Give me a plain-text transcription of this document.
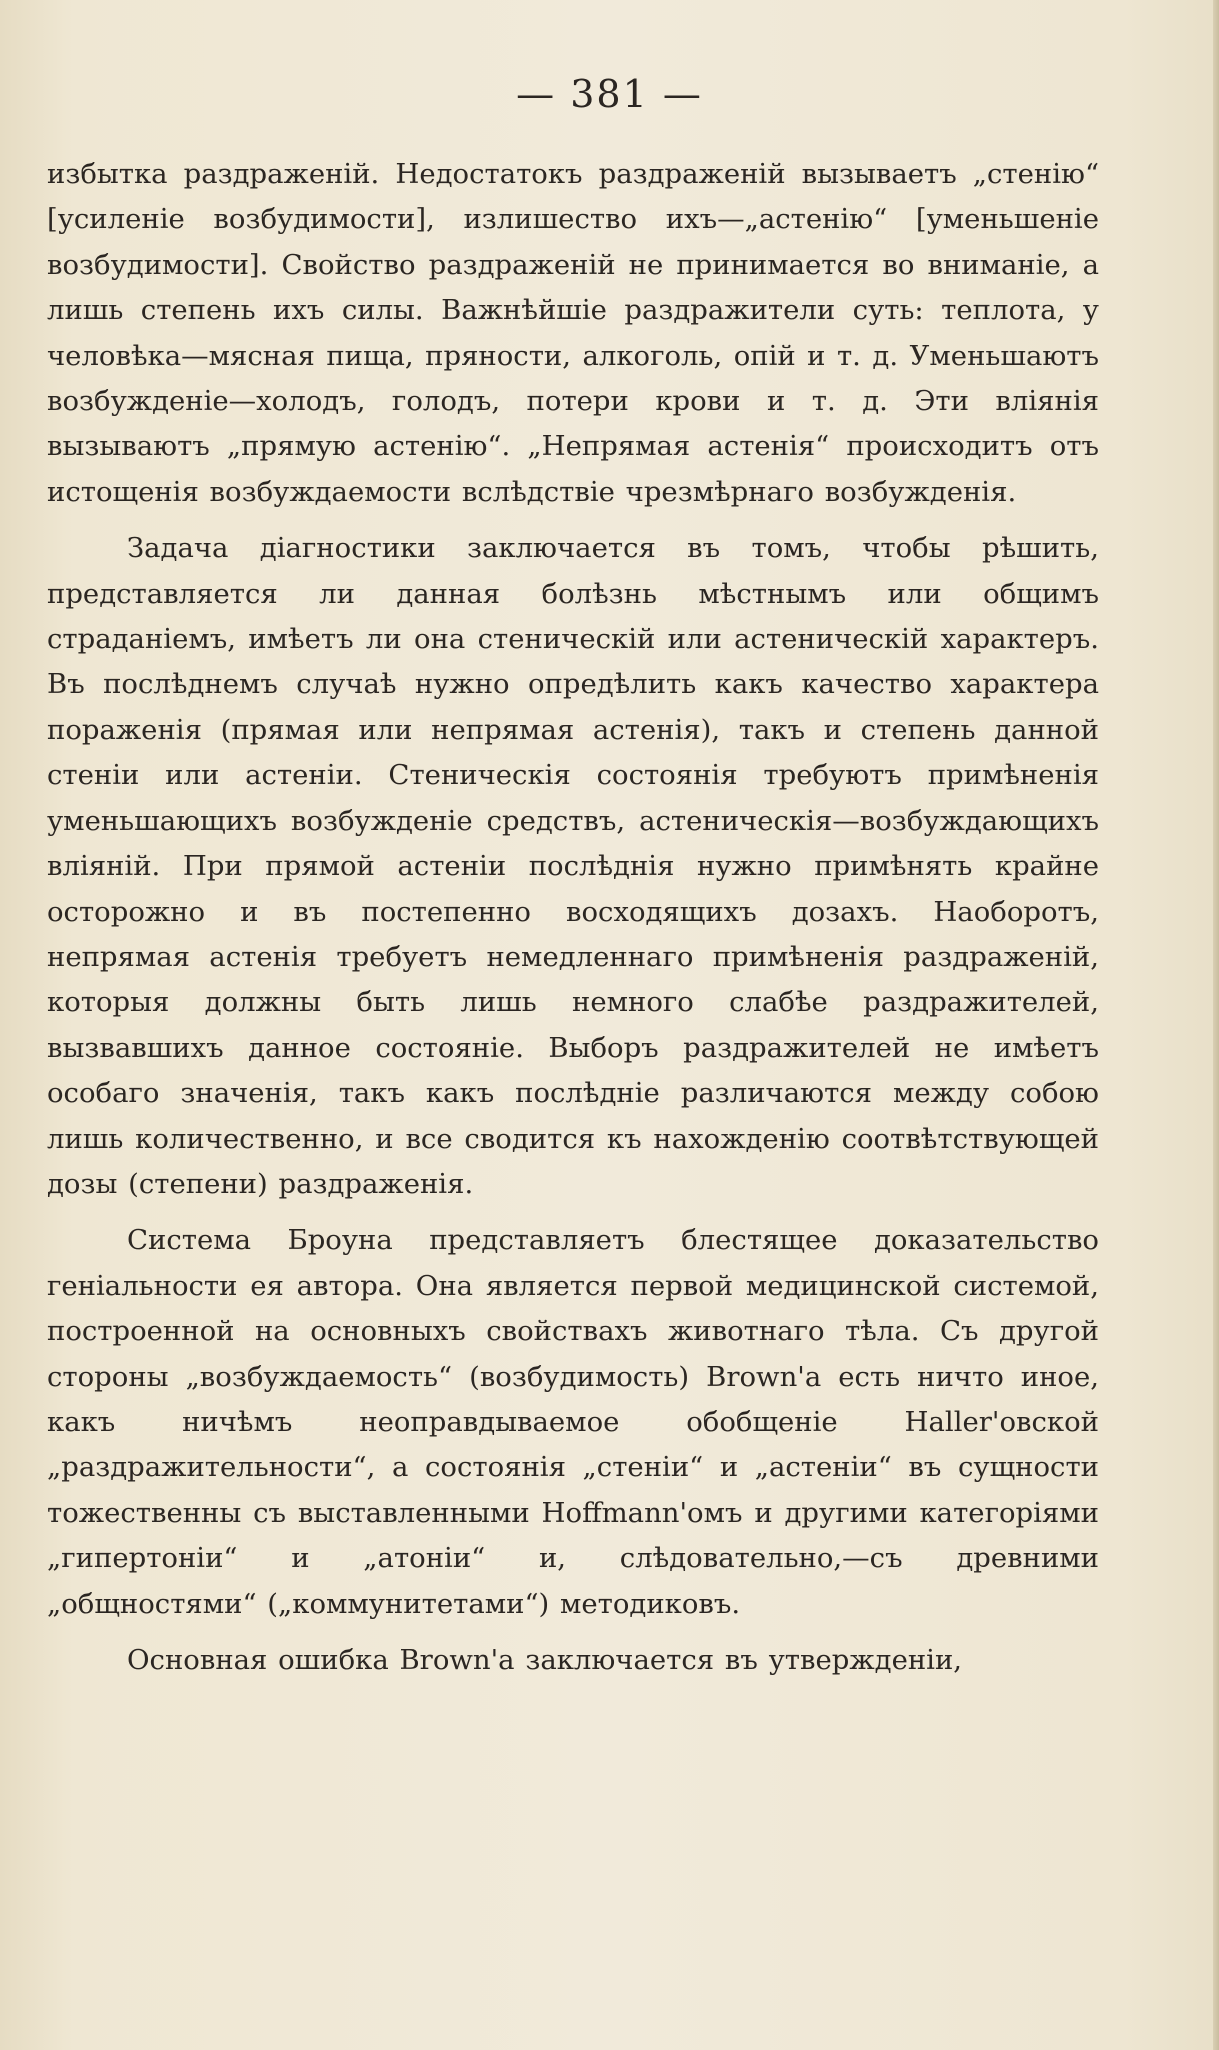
— 381 —

избытка раздраженій. Недостатокъ раздраженій вызываетъ „стенію“ [усиленіе возбудимости], излишество ихъ—„астенію“ [уменьшеніе возбудимости]. Свойство раздраженій не принимается во вниманіе, а лишь степень ихъ силы. Важнѣйшіе раздражители суть: теплота, у человѣка—мясная пища, пряности, алкоголь, опій и т. д. Уменьшаютъ возбужденіе—холодъ, голодъ, потери крови и т. д. Эти вліянія вызываютъ „прямую астенію“. „Непрямая астенія“ происходитъ отъ истощенія возбуждаемости вслѣдствіе чрезмѣрнаго возбужденія.

Задача діагностики заключается въ томъ, чтобы рѣшить, представляется ли данная болѣзнь мѣстнымъ или общимъ страданіемъ, имѣетъ ли она стеническій или астеническій характеръ. Въ послѣднемъ случаѣ нужно опредѣлить какъ качество характера пораженія (прямая или непрямая астенія), такъ и степень данной стеніи или астеніи. Стеническія состоянія требуютъ примѣненія уменьшающихъ возбужденіе средствъ, астеническія—возбуждающихъ вліяній. При прямой астеніи послѣднія нужно примѣнять крайне осторожно и въ постепенно восходящихъ дозахъ. Наоборотъ, непрямая астенія требуетъ немедленнаго примѣненія раздраженій, которыя должны быть лишь немного слабѣе раздражителей, вызвавшихъ данное состояніе. Выборъ раздражителей не имѣетъ особаго значенія, такъ какъ послѣдніе различаются между собою лишь количественно, и все сводится къ нахожденію соотвѣтствующей дозы (степени) раздраженія.

Система Броуна представляетъ блестящее доказательство геніальности ея автора. Она является первой медицинской системой, построенной на основныхъ свойствахъ животнаго тѣла. Съ другой стороны „возбуждаемость“ (возбудимость) Brown'а есть ничто иное, какъ ничѣмъ неоправдываемое обобщеніе Haller'овской „раздражительности“, а состоянія „стеніи“ и „астеніи“ въ сущности тожественны съ выставленными Hoffmann'омъ и другими категоріями „гипертоніи“ и „атоніи“ и, слѣдовательно,—съ древними „общностями“ („коммунитетами“) методиковъ.

Основная ошибка Brown'а заключается въ утвержденіи,
